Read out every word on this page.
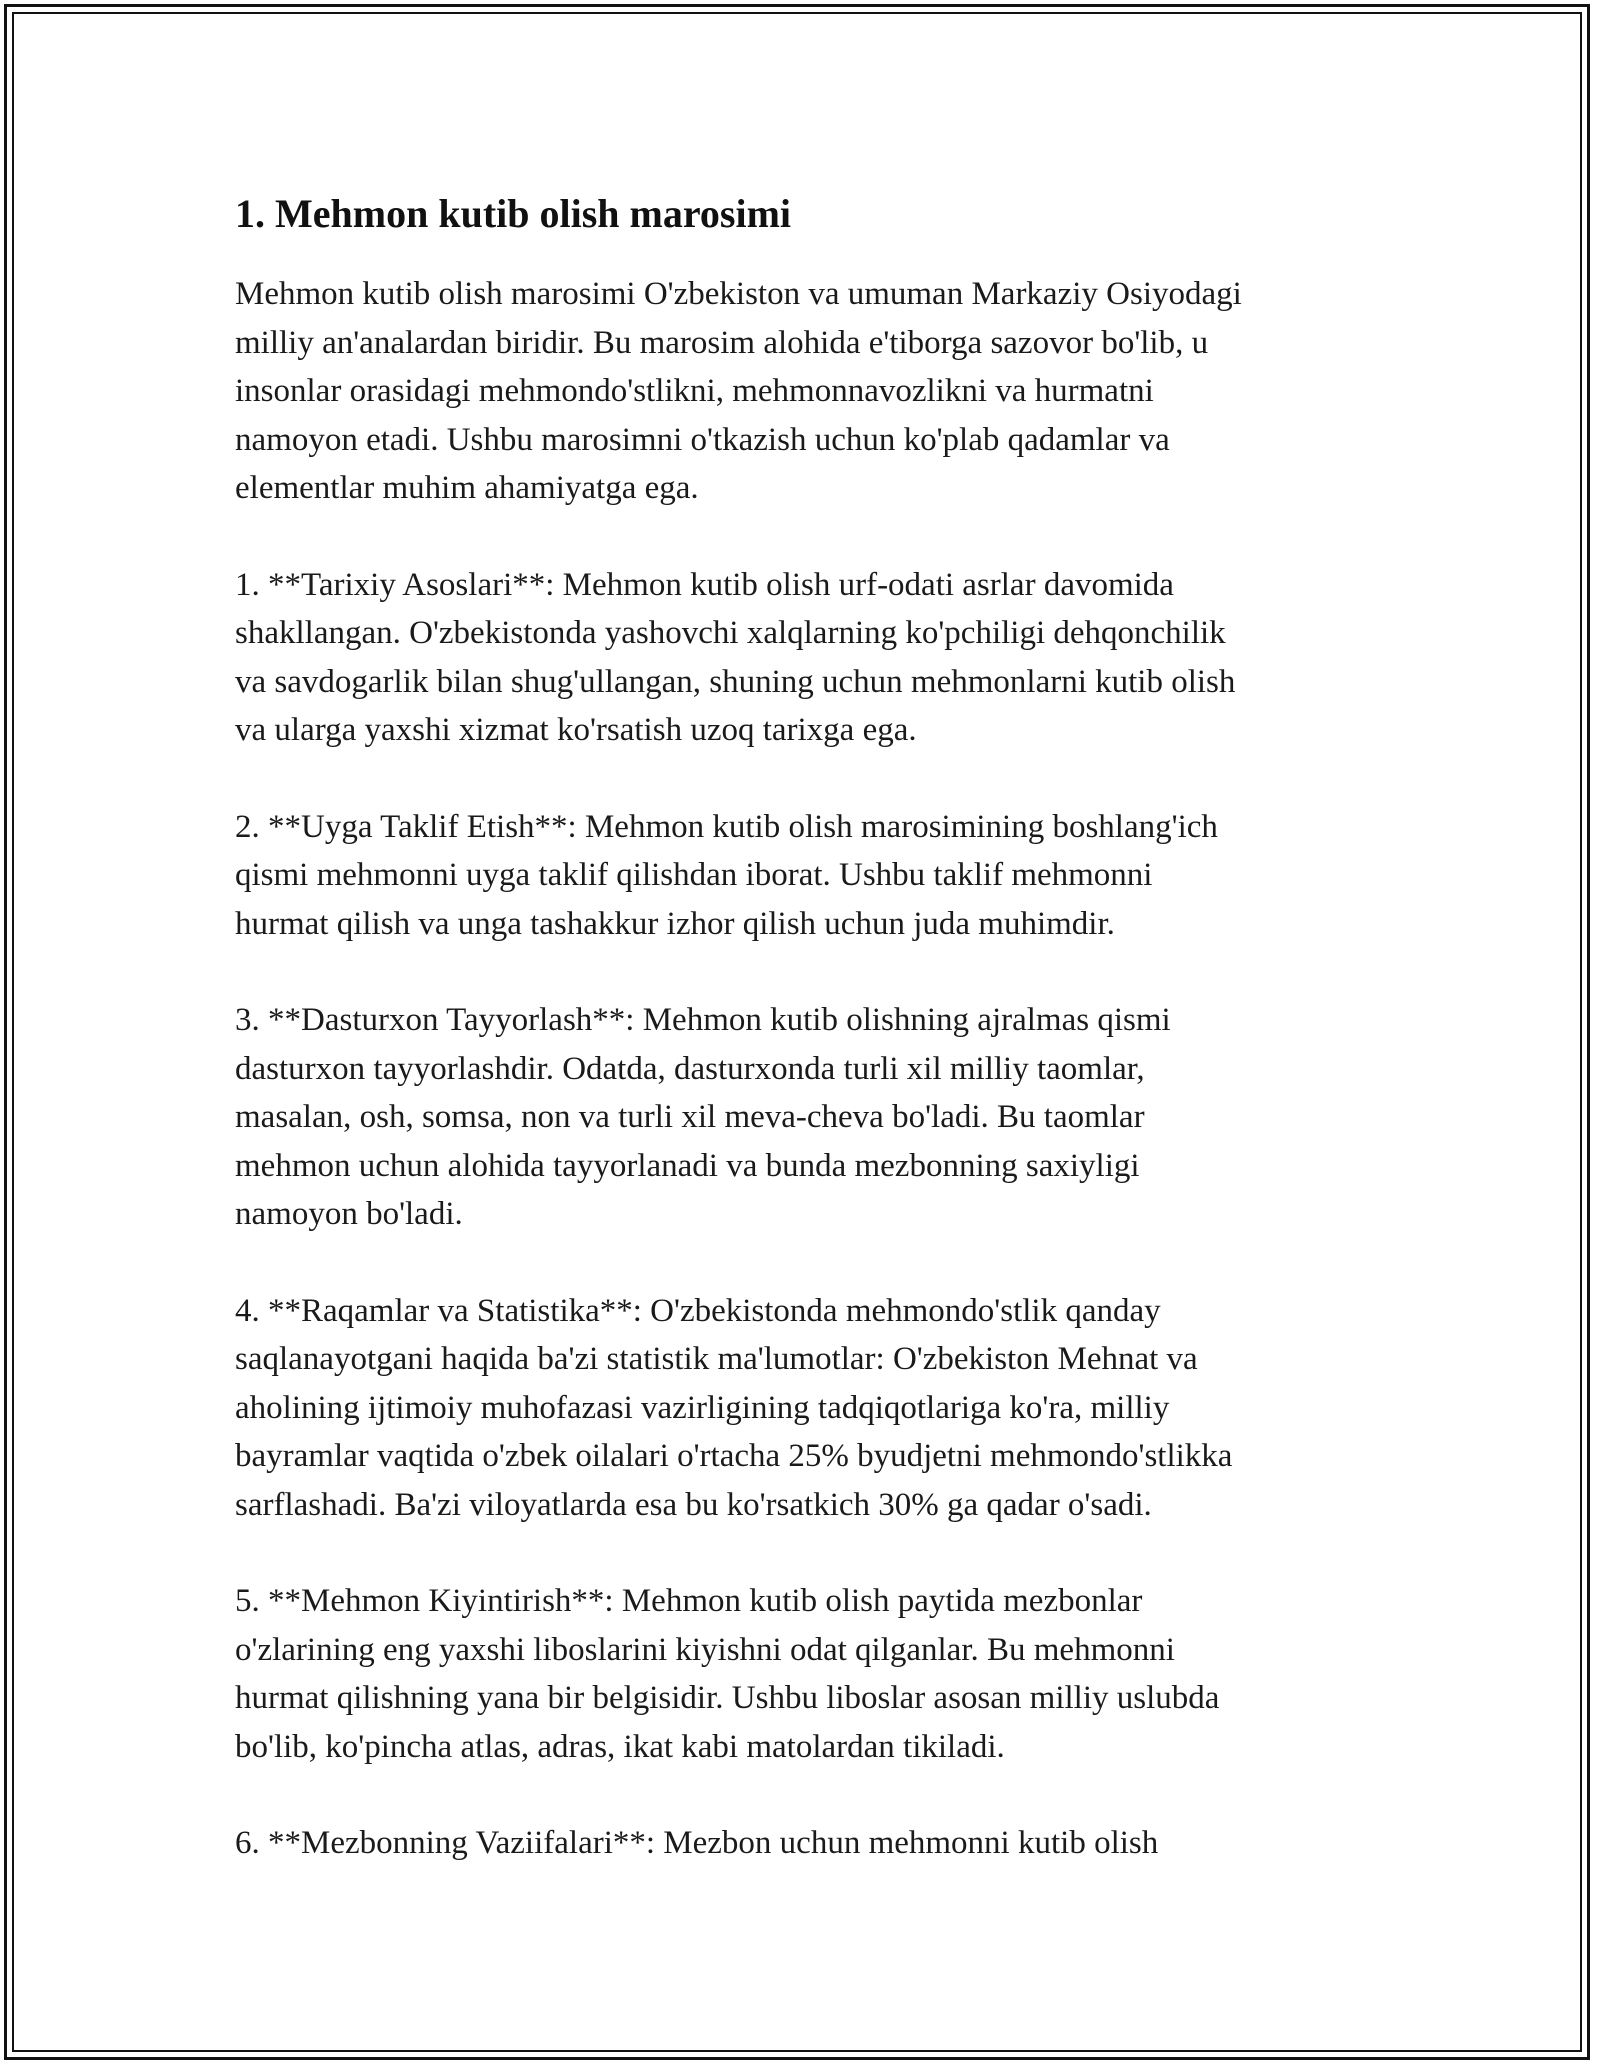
1. Mehmon kutib olish marosimi

Mehmon kutib olish marosimi O'zbekiston va umuman Markaziy Osiyodagi
milliy an'analardan biridir. Bu marosim alohida e'tiborga sazovor bo'lib, u
insonlar orasidagi mehmondo'stlikni, mehmonnavozlikni va hurmatni
namoyon etadi. Ushbu marosimni o'tkazish uchun ko'plab qadamlar va
elementlar muhim ahamiyatga ega.

1. **Tarixiy Asoslari**: Mehmon kutib olish urf-odati asrlar davomida
shakllangan. O'zbekistonda yashovchi xalqlarning ko'pchiligi dehqonchilik
va savdogarlik bilan shug'ullangan, shuning uchun mehmonlarni kutib olish
va ularga yaxshi xizmat ko'rsatish uzoq tarixga ega.

2. **Uyga Taklif Etish**: Mehmon kutib olish marosimining boshlang'ich
qismi mehmonni uyga taklif qilishdan iborat. Ushbu taklif mehmonni
hurmat qilish va unga tashakkur izhor qilish uchun juda muhimdir.

3. **Dasturxon Tayyorlash**: Mehmon kutib olishning ajralmas qismi
dasturxon tayyorlashdir. Odatda, dasturxonda turli xil milliy taomlar,
masalan, osh, somsa, non va turli xil meva-cheva bo'ladi. Bu taomlar
mehmon uchun alohida tayyorlanadi va bunda mezbonning saxiyligi
namoyon bo'ladi.

4. **Raqamlar va Statistika**: O'zbekistonda mehmondo'stlik qanday
saqlanayotgani haqida ba'zi statistik ma'lumotlar: O'zbekiston Mehnat va
aholining ijtimoiy muhofazasi vazirligining tadqiqotlariga ko'ra, milliy
bayramlar vaqtida o'zbek oilalari o'rtacha 25% byudjetni mehmondo'stlikka
sarflashadi. Ba'zi viloyatlarda esa bu ko'rsatkich 30% ga qadar o'sadi.

5. **Mehmon Kiyintirish**: Mehmon kutib olish paytida mezbonlar
o'zlarining eng yaxshi liboslarini kiyishni odat qilganlar. Bu mehmonni
hurmat qilishning yana bir belgisidir. Ushbu liboslar asosan milliy uslubda
bo'lib, ko'pincha atlas, adras, ikat kabi matolardan tikiladi.

6. **Mezbonning Vaziifalari**: Mezbon uchun mehmonni kutib olish
